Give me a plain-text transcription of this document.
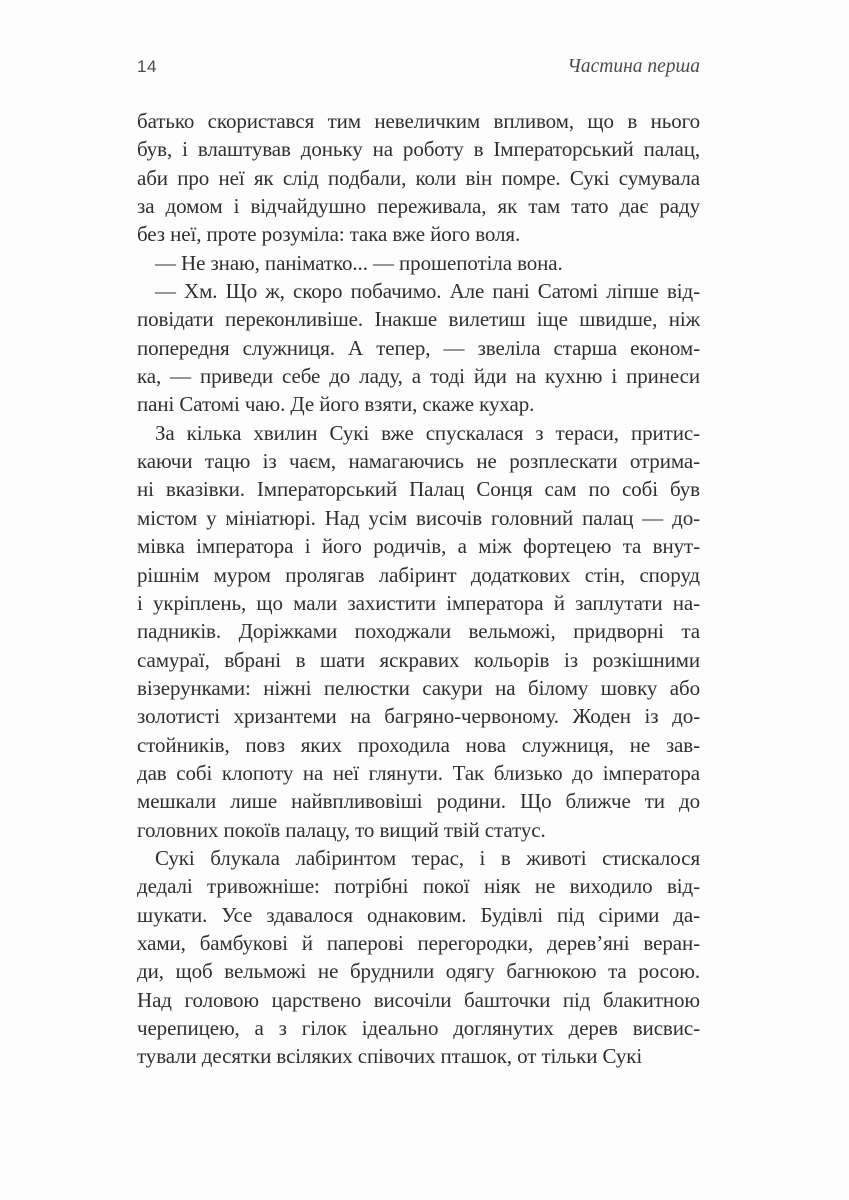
14	Частина перша
батько скористався тим невеличким впливом, що в нього
був, і влаштував доньку на роботу в Імператорський палац,
аби про неї як слід подбали, коли він помре. Сукі сумувала
за домом і відчайдушно переживала, як там тато дає раду
без неї, проте розуміла: така вже його воля.
— Не знаю, паніматко... — прошепотіла вона.
— Хм. Що ж, скоро побачимо. Але пані Сатомі ліпше від-
повідати переконливіше. Інакше вилетиш іще швидше, ніж
попередня служниця. А тепер, — звеліла старша економ-
ка, — приведи себе до ладу, а тоді йди на кухню і принеси
пані Сатомі чаю. Де його взяти, скаже кухар.
За кілька хвилин Сукі вже спускалася з тераси, притис-
каючи тацю із чаєм, намагаючись не розплескати отрима-
ні вказівки. Імператорський Палац Сонця сам по собі був
містом у мініатюрі. Над усім височів головний палац — до-
мівка імператора і його родичів, а між фортецею та внут-
рішнім муром пролягав лабіринт додаткових стін, споруд
і укріплень, що мали захистити імператора й заплутати на-
падників. Доріжками походжали вельможі, придворні та
самураї, вбрані в шати яскравих кольорів із розкішними
візерунками: ніжні пелюстки сакури на білому шовку або
золотисті хризантеми на багряно-червоному. Жоден із до-
стойників, повз яких проходила нова служниця, не зав-
дав собі клопоту на неї глянути. Так близько до імператора
мешкали лише найвпливовіші родини. Що ближче ти до
головних покоїв палацу, то вищий твій статус.
Сукі блукала лабіринтом терас, і в животі стискалося
дедалі тривожніше: потрібні покої ніяк не виходило від-
шукати. Усе здавалося однаковим. Будівлі під сірими да-
хами, бамбукові й паперові перегородки, дерев’яні веран-
ди, щоб вельможі не бруднили одягу багнюкою та росою.
Над головою царствено височіли башточки під блакитною
черепицею, а з гілок ідеально доглянутих дерев висвис-
тували десятки всіляких співочих пташок, от тільки Сукі
